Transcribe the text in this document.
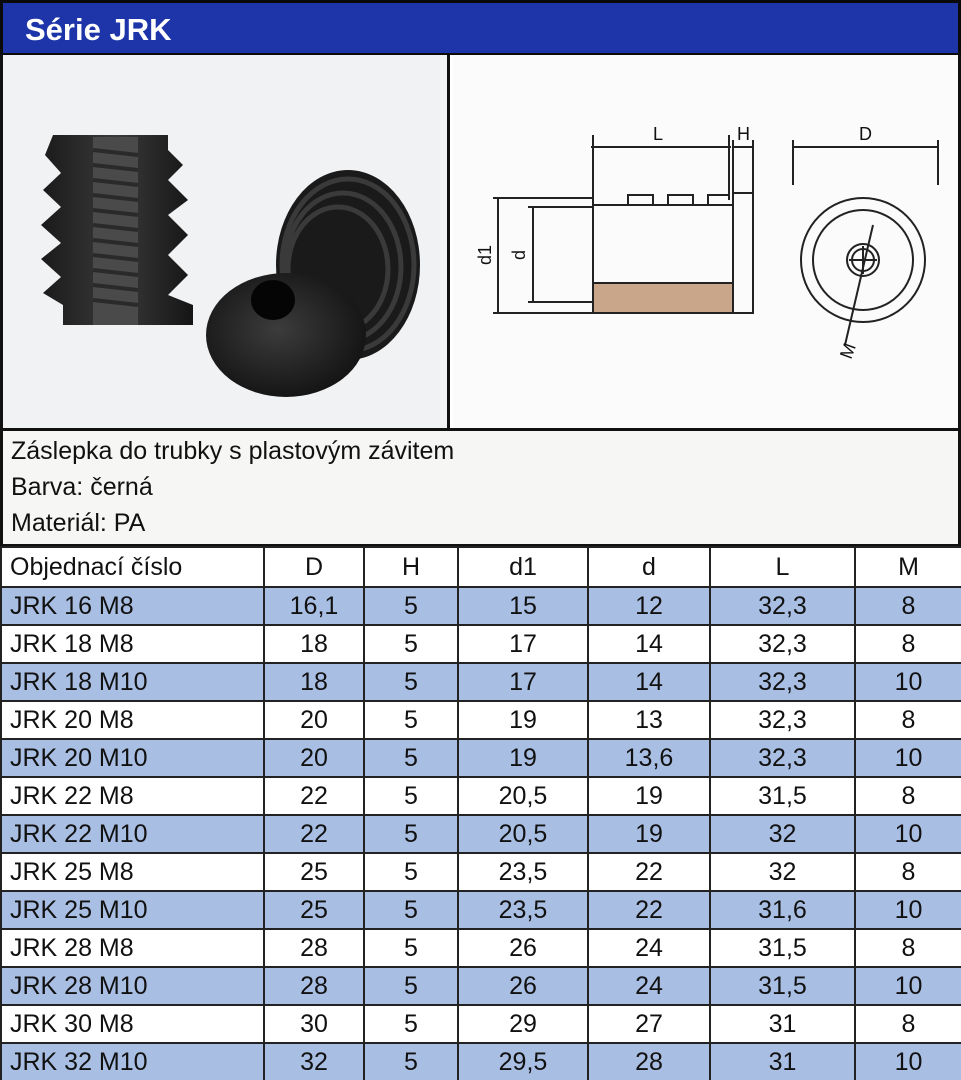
Série JRK
L	H	D
d1 d
M
Záslepka do trubky s plastovým závitem
Barva: černá
Materiál: PA
Objednací číslo	D	H	d1	d	L	M
JRK 16 M8	16,1	5	15	12	32,3	8
JRK 18 M8	18	5	17	14	32,3	8
JRK 18 M10	18	5	17	14	32,3	10
JRK 20 M8	20	5	19	13	32,3	8
JRK 20 M10	20	5	19	13,6	32,3	10
JRK 22 M8	22	5	20,5	19	31,5	8
JRK 22 M10	22	5	20,5	19	32	10
JRK 25 M8	25	5	23,5	22	32	8
JRK 25 M10	25	5	23,5	22	31,6	10
JRK 28 M8	28	5	26	24	31,5	8
JRK 28 M10	28	5	26	24	31,5	10
JRK 30 M8	30	5	29	27	31	8
JRK 32 M10	32	5	29,5	28	31	10
